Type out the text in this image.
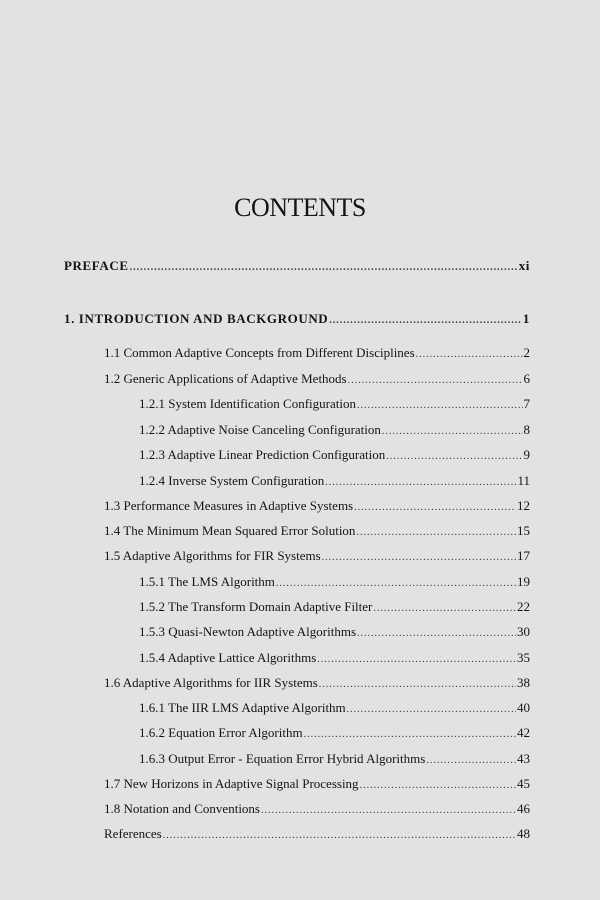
CONTENTS
PREFACE .....	xi
1. INTRODUCTION AND BACKGROUND .....	1
1.1 Common Adaptive Concepts from Different Disciplines .....	2
1.2 Generic Applications of Adaptive Methods .....	6
1.2.1 System Identification Configuration .....	7
1.2.2 Adaptive Noise Canceling Configuration .....	8
1.2.3 Adaptive Linear Prediction Configuration .....	9
1.2.4 Inverse System Configuration .....	11
1.3 Performance Measures in Adaptive Systems .....	12
1.4 The Minimum Mean Squared Error Solution .....	15
1.5 Adaptive Algorithms for FIR Systems .....	17
1.5.1 The LMS Algorithm .....	19
1.5.2 The Transform Domain Adaptive Filter .....	22
1.5.3 Quasi-Newton Adaptive Algorithms .....	30
1.5.4 Adaptive Lattice Algorithms .....	35
1.6 Adaptive Algorithms for IIR Systems .....	38
1.6.1 The IIR LMS Adaptive Algorithm .....	40
1.6.2 Equation Error Algorithm .....	42
1.6.3 Output Error - Equation Error Hybrid Algorithms .....	43
1.7 New Horizons in Adaptive Signal Processing .....	45
1.8 Notation and Conventions .....	46
References .....	48
